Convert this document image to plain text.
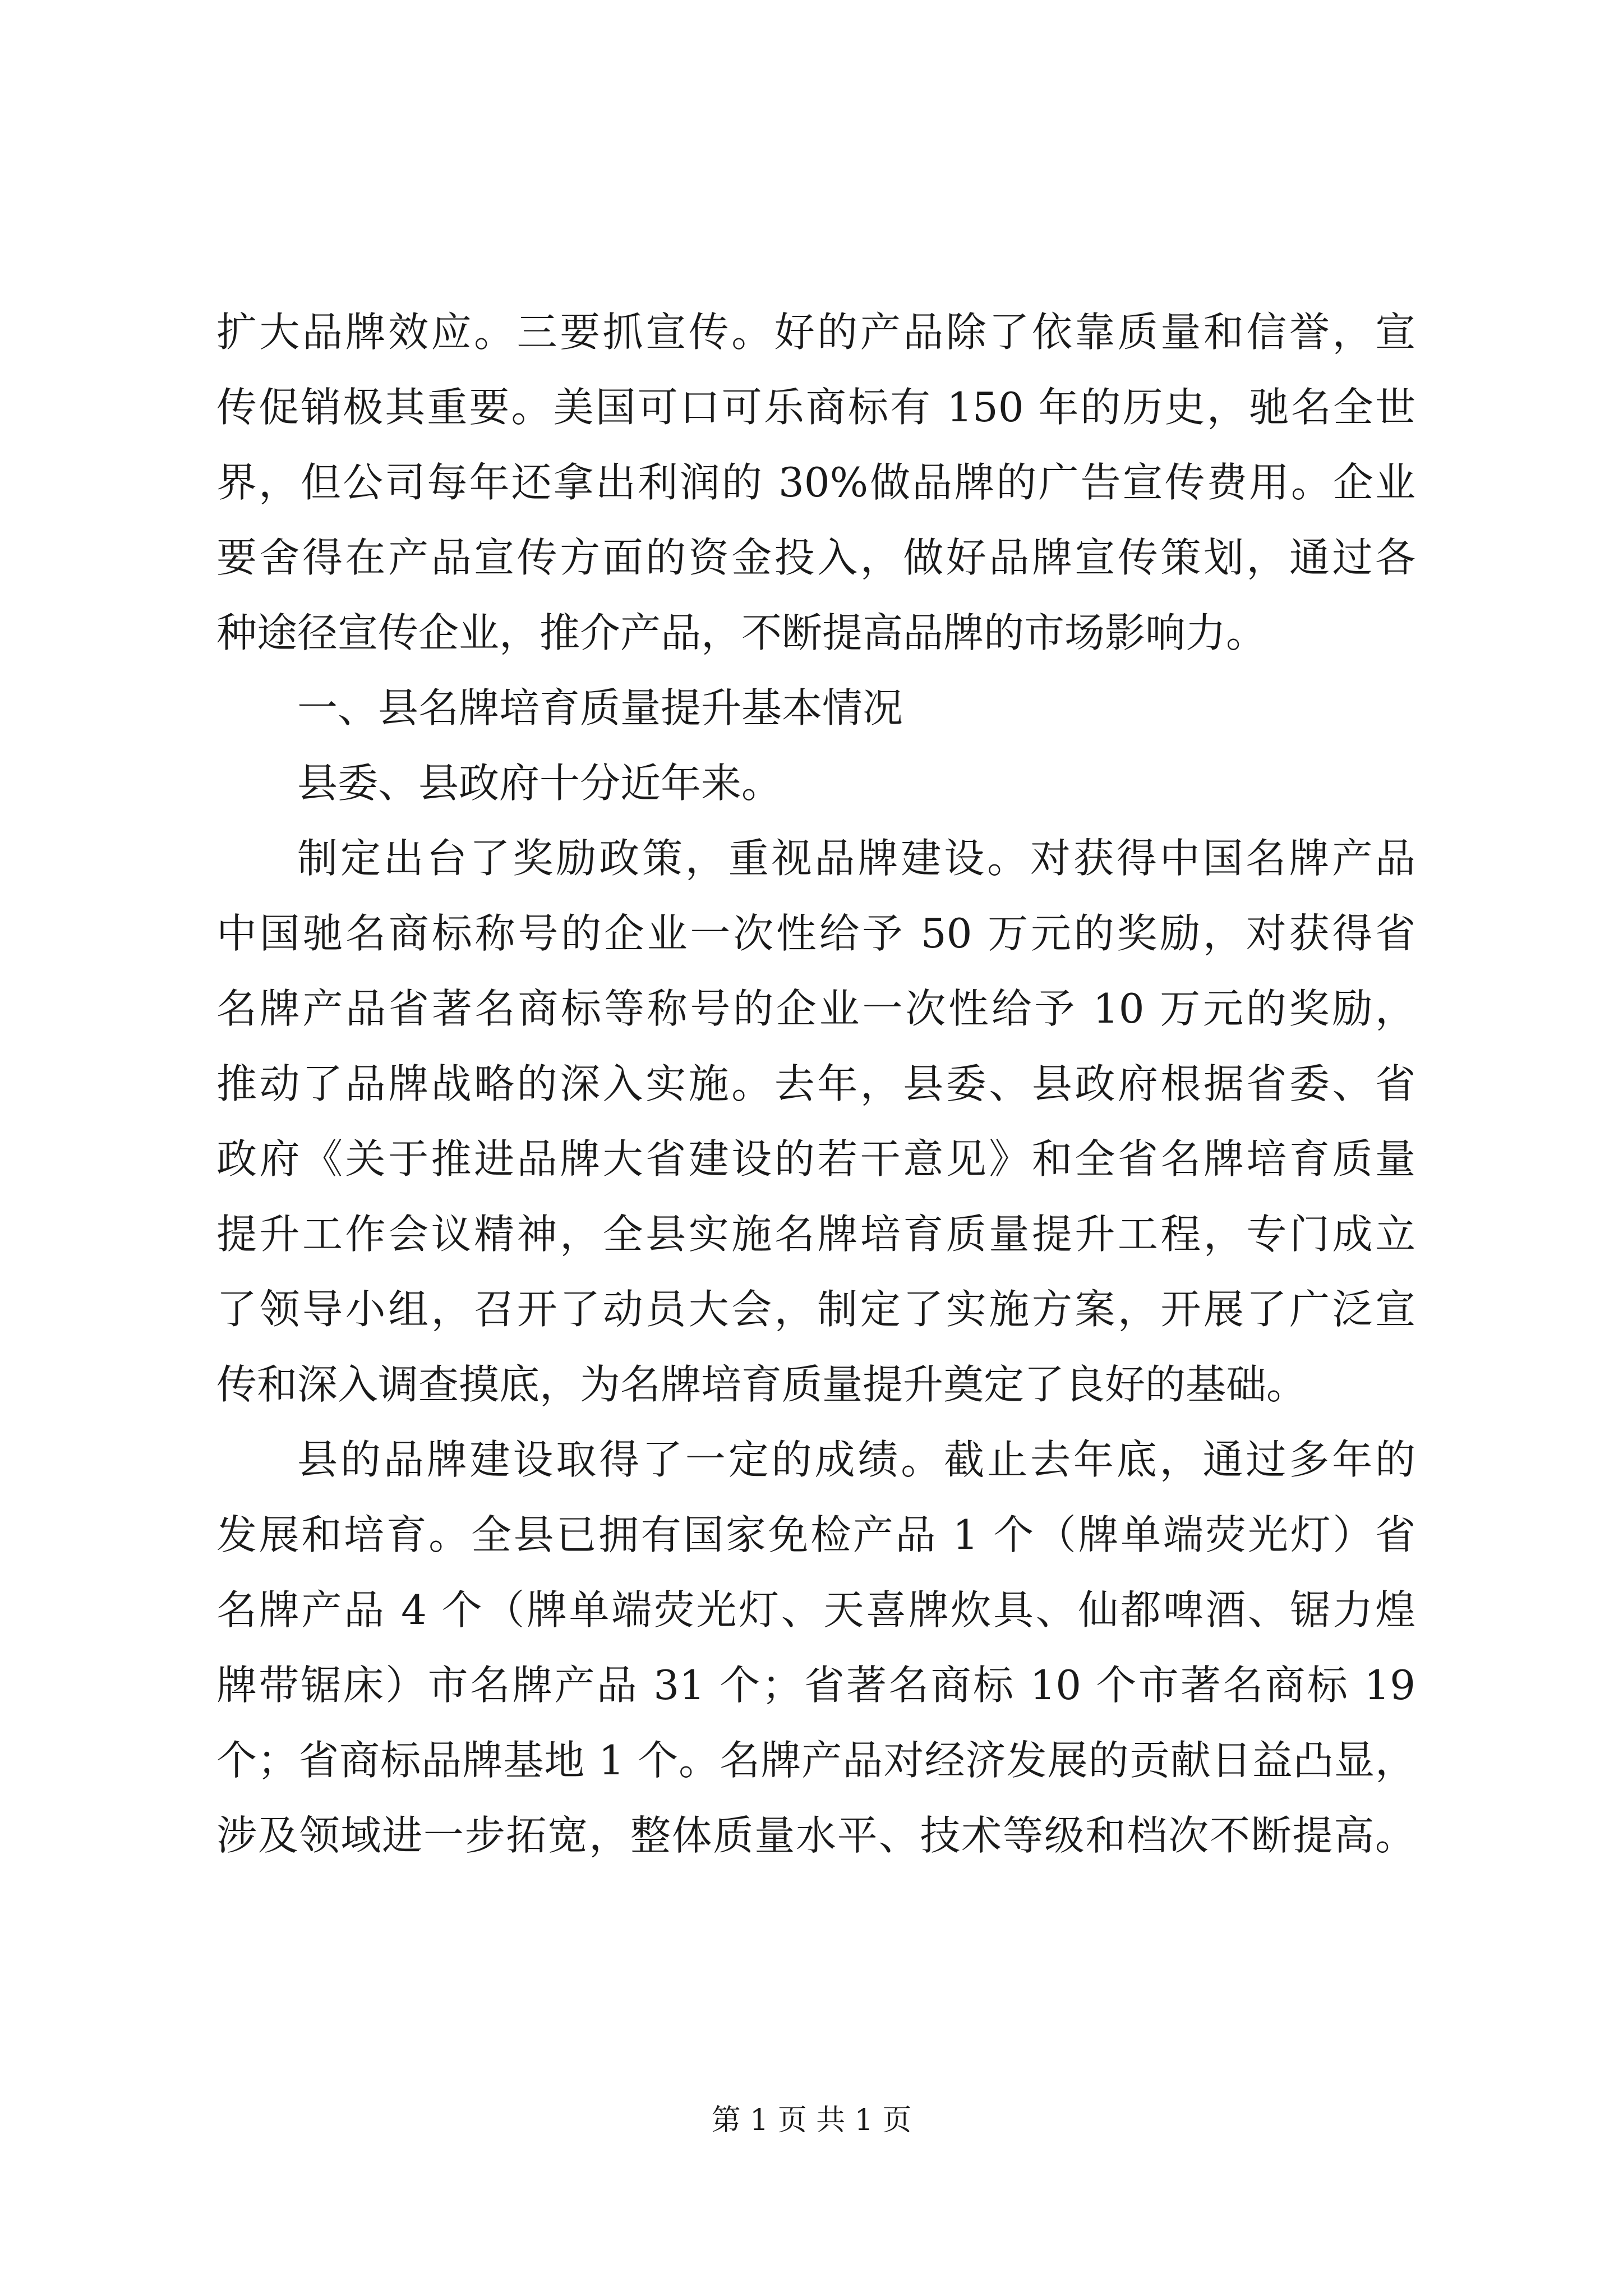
扩大品牌效应。三要抓宣传。好的产品除了依靠质量和信誉，宣
传促销极其重要。美国可口可乐商标有 150 年的历史，驰名全世
界，但公司每年还拿出利润的 30%做品牌的广告宣传费用。企业
要舍得在产品宣传方面的资金投入，做好品牌宣传策划，通过各
种途径宣传企业，推介产品，不断提高品牌的市场影响力。
一、县名牌培育质量提升基本情况
县委、县政府十分近年来。
制定出台了奖励政策，重视品牌建设。对获得中国名牌产品
中国驰名商标称号的企业一次性给予 50 万元的奖励，对获得省
名牌产品省著名商标等称号的企业一次性给予 10 万元的奖励，
推动了品牌战略的深入实施。去年，县委、县政府根据省委、省
政府《关于推进品牌大省建设的若干意见》和全省名牌培育质量
提升工作会议精神，全县实施名牌培育质量提升工程，专门成立
了领导小组，召开了动员大会，制定了实施方案，开展了广泛宣
传和深入调查摸底，为名牌培育质量提升奠定了良好的基础。
县的品牌建设取得了一定的成绩。截止去年底，通过多年的
发展和培育。全县已拥有国家免检产品 1 个（牌单端荧光灯）省
名牌产品 4 个（牌单端荧光灯、天喜牌炊具、仙都啤酒、锯力煌
牌带锯床）市名牌产品 31 个；省著名商标 10 个市著名商标 19
个；省商标品牌基地 1 个。名牌产品对经济发展的贡献日益凸显，
涉及领域进一步拓宽，整体质量水平、技术等级和档次不断提高。
第 1 页 共 1 页
